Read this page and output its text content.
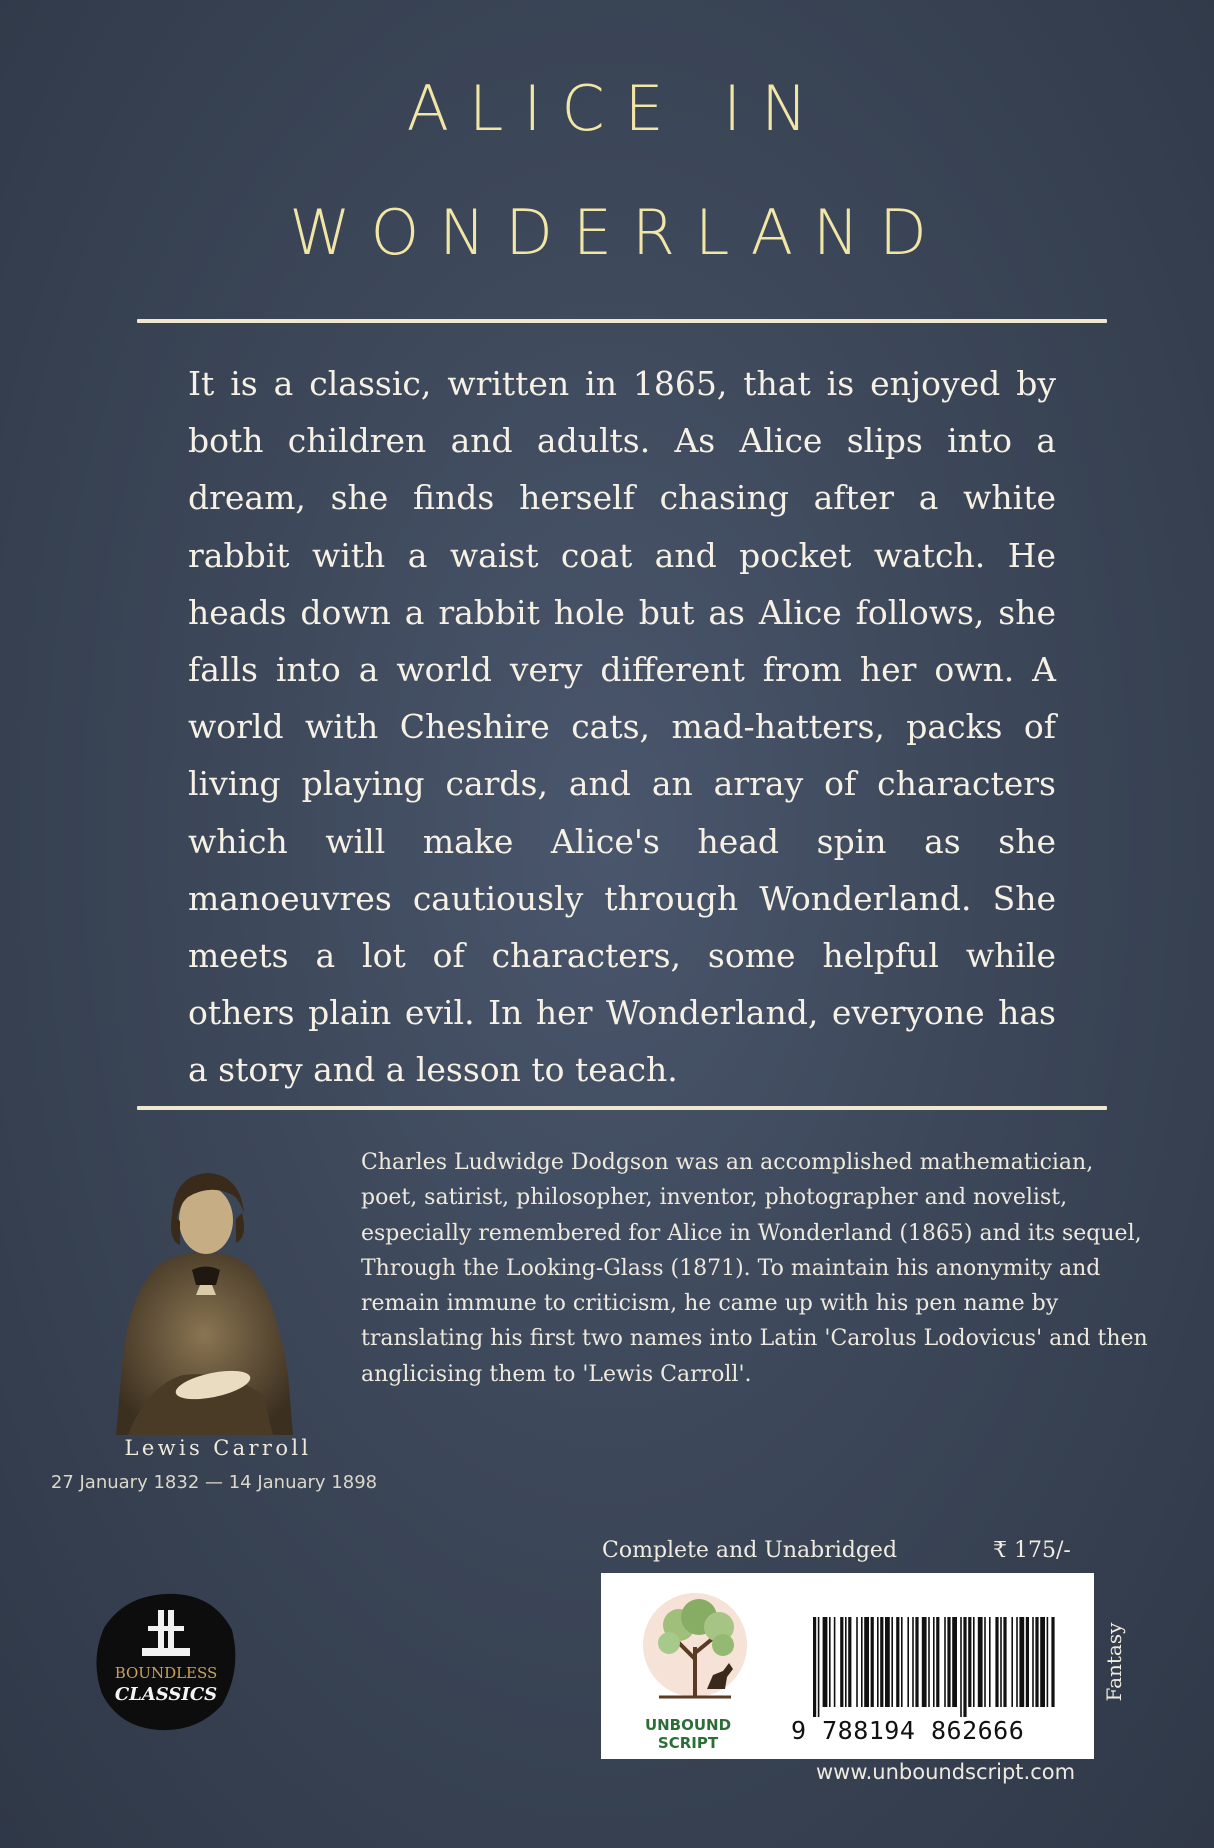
ALICE IN
WONDERLAND

It is a classic, written in 1865, that is enjoyed by both children and adults. As Alice slips into a dream, she finds herself chasing after a white rabbit with a waist coat and pocket watch. He heads down a rabbit hole but as Alice follows, she falls into a world very different from her own. A world with Cheshire cats, mad-hatters, packs of living playing cards, and an array of characters which will make Alice's head spin as she manoeuvres cautiously through Wonderland. She meets a lot of characters, some helpful while others plain evil. In her Wonderland, everyone has a story and a lesson to teach.

Charles Ludwidge Dodgson was an accomplished mathematician, poet, satirist, philosopher, inventor, photographer and novelist, especially remembered for Alice in Wonderland (1865) and its sequel, Through the Looking-Glass (1871). To maintain his anonymity and remain immune to criticism, he came up with his pen name by translating his first two names into Latin 'Carolus Lodovicus' and then anglicising them to 'Lewis Carroll'.

Lewis Carroll
27 January 1832 — 14 January 1898
BOUNDLESS
CLASSICS
Complete and Unabridged	₹ 175/-
UNBOUND SCRIPT	9 788194 862666
Fantasy
www.unboundscript.com
